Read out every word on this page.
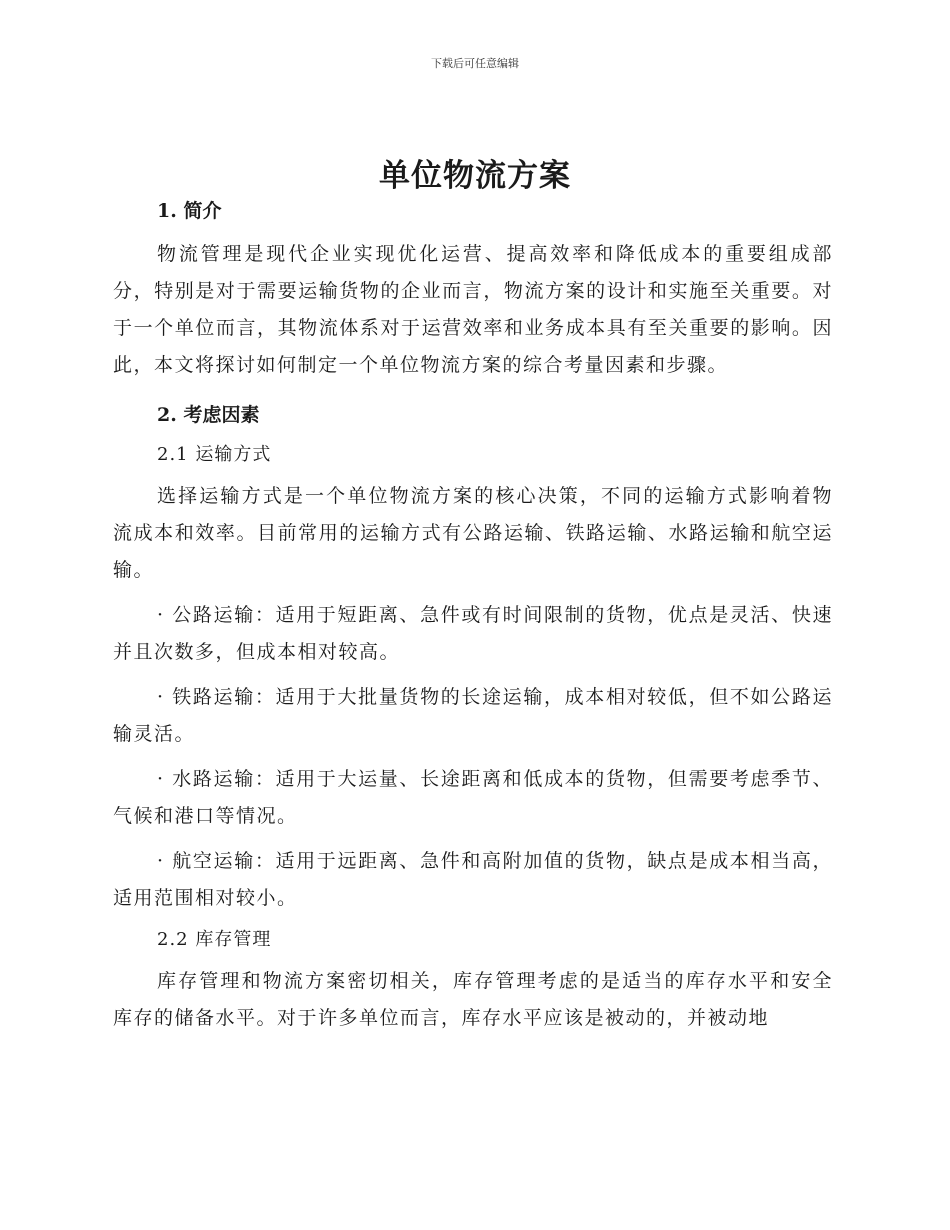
下载后可任意编辑
单位物流方案
1. 简介

物流管理是现代企业实现优化运营、提高效率和降低成本的重要组成部分，特别是对于需要运输货物的企业而言，物流方案的设计和实施至关重要。对于一个单位而言，其物流体系对于运营效率和业务成本具有至关重要的影响。因此，本文将探讨如何制定一个单位物流方案的综合考量因素和步骤。

2. 考虑因素
2.1 运输方式

选择运输方式是一个单位物流方案的核心决策，不同的运输方式影响着物流成本和效率。目前常用的运输方式有公路运输、铁路运输、水路运输和航空运输。

· 公路运输：适用于短距离、急件或有时间限制的货物，优点是灵活、快速并且次数多，但成本相对较高。

· 铁路运输：适用于大批量货物的长途运输，成本相对较低，但不如公路运输灵活。

· 水路运输：适用于大运量、长途距离和低成本的货物，但需要考虑季节、气候和港口等情况。

· 航空运输：适用于远距离、急件和高附加值的货物，缺点是成本相当高，适用范围相对较小。

2.2 库存管理

库存管理和物流方案密切相关，库存管理考虑的是适当的库存水平和安全库存的储备水平。对于许多单位而言，库存水平应该是被动的，并被动地
